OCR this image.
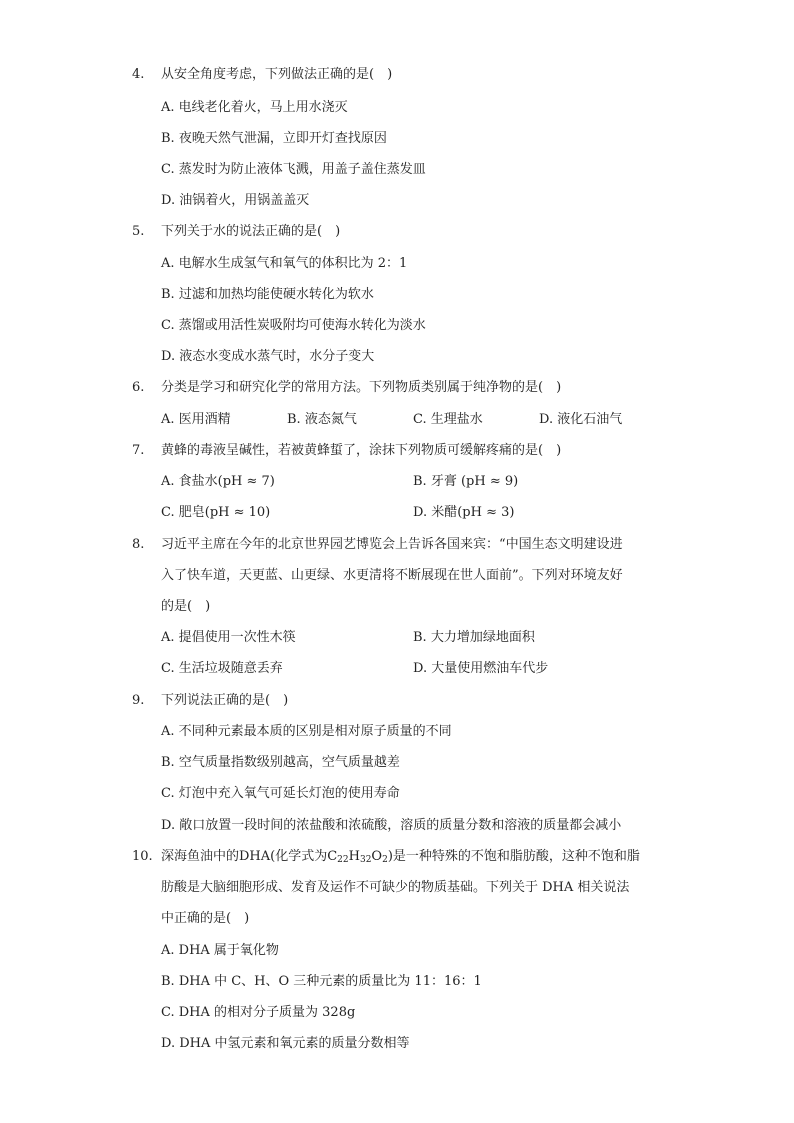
4. 从安全角度考虑，下列做法正确的是(　)
A. 电线老化着火，马上用水浇灭
B. 夜晚天然气泄漏，立即开灯查找原因
C. 蒸发时为防止液体飞溅，用盖子盖住蒸发皿
D. 油锅着火，用锅盖盖灭
5. 下列关于水的说法正确的是(　)
A. 电解水生成氢气和氧气的体积比为 2：1
B. 过滤和加热均能使硬水转化为软水
C. 蒸馏或用活性炭吸附均可使海水转化为淡水
D. 液态水变成水蒸气时，水分子变大
6. 分类是学习和研究化学的常用方法。下列物质类别属于纯净物的是(　)
A. 医用酒精	B. 液态氮气	C. 生理盐水	D. 液化石油气
7. 黄蜂的毒液呈碱性，若被黄蜂蜇了，涂抹下列物质可缓解疼痛的是(　)
A. 食盐水(pH ≈ 7)	B. 牙膏 (pH ≈ 9)
C. 肥皂(pH ≈ 10)	D. 米醋(pH ≈ 3)
8. 习近平主席在今年的北京世界园艺博览会上告诉各国来宾：“中国生态文明建设进
入了快车道，天更蓝、山更绿、水更清将不断展现在世人面前”。下列对环境友好
的是(　)
A. 提倡使用一次性木筷	B. 大力增加绿地面积
C. 生活垃圾随意丢弃	D. 大量使用燃油车代步
9. 下列说法正确的是(　)
A. 不同种元素最本质的区别是相对原子质量的不同
B. 空气质量指数级别越高，空气质量越差
C. 灯泡中充入氧气可延长灯泡的使用寿命
D. 敞口放置一段时间的浓盐酸和浓硫酸，溶质的质量分数和溶液的质量都会减小
10. 深海鱼油中的DHA(化学式为$C_{22}H_{32}O_2$)是一种特殊的不饱和脂肪酸，这种不饱和脂
肪酸是大脑细胞形成、发育及运作不可缺少的物质基础。下列关于 DHA 相关说法
中正确的是(　)
A. DHA 属于氧化物
B. DHA 中 C、H、O 三种元素的质量比为 11：16：1
C. DHA 的相对分子质量为 328g
D. DHA 中氢元素和氧元素的质量分数相等
